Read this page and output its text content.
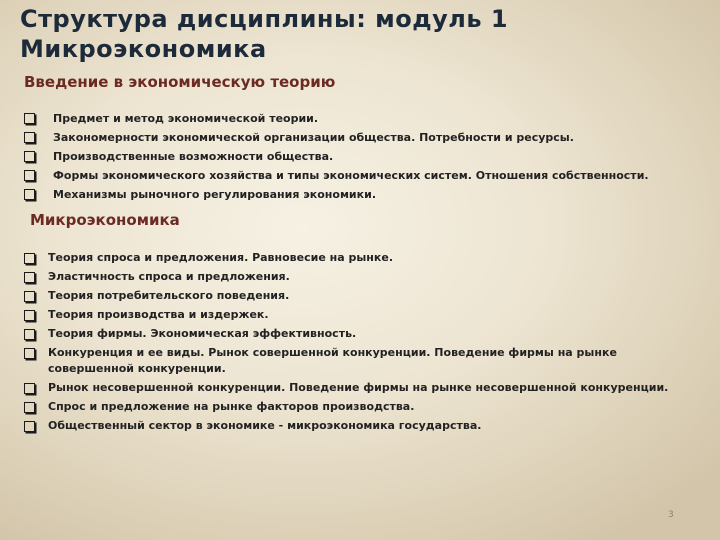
Структура дисциплины: модуль 1
Микроэкономика
Введение в экономическую теорию
Предмет и метод экономической теории.
Закономерности экономической организации общества. Потребности и ресурсы.
Производственные возможности общества.
Формы экономического хозяйства и типы экономических систем. Отношения собственности.
Механизмы рыночного регулирования экономики.
Микроэкономика
Теория спроса и предложения. Равновесие на рынке.
Эластичность спроса и предложения.
Теория потребительского поведения.
Теория производства и издержек.
Теория фирмы. Экономическая эффективность.
Конкуренция и ее виды. Рынок совершенной конкуренции. Поведение фирмы на рынке совершенной конкуренции.
Рынок несовершенной конкуренции. Поведение фирмы на рынке несовершенной конкуренции.
Спрос и предложение на рынке факторов производства.
Общественный сектор в экономике - микроэкономика государства.
3
